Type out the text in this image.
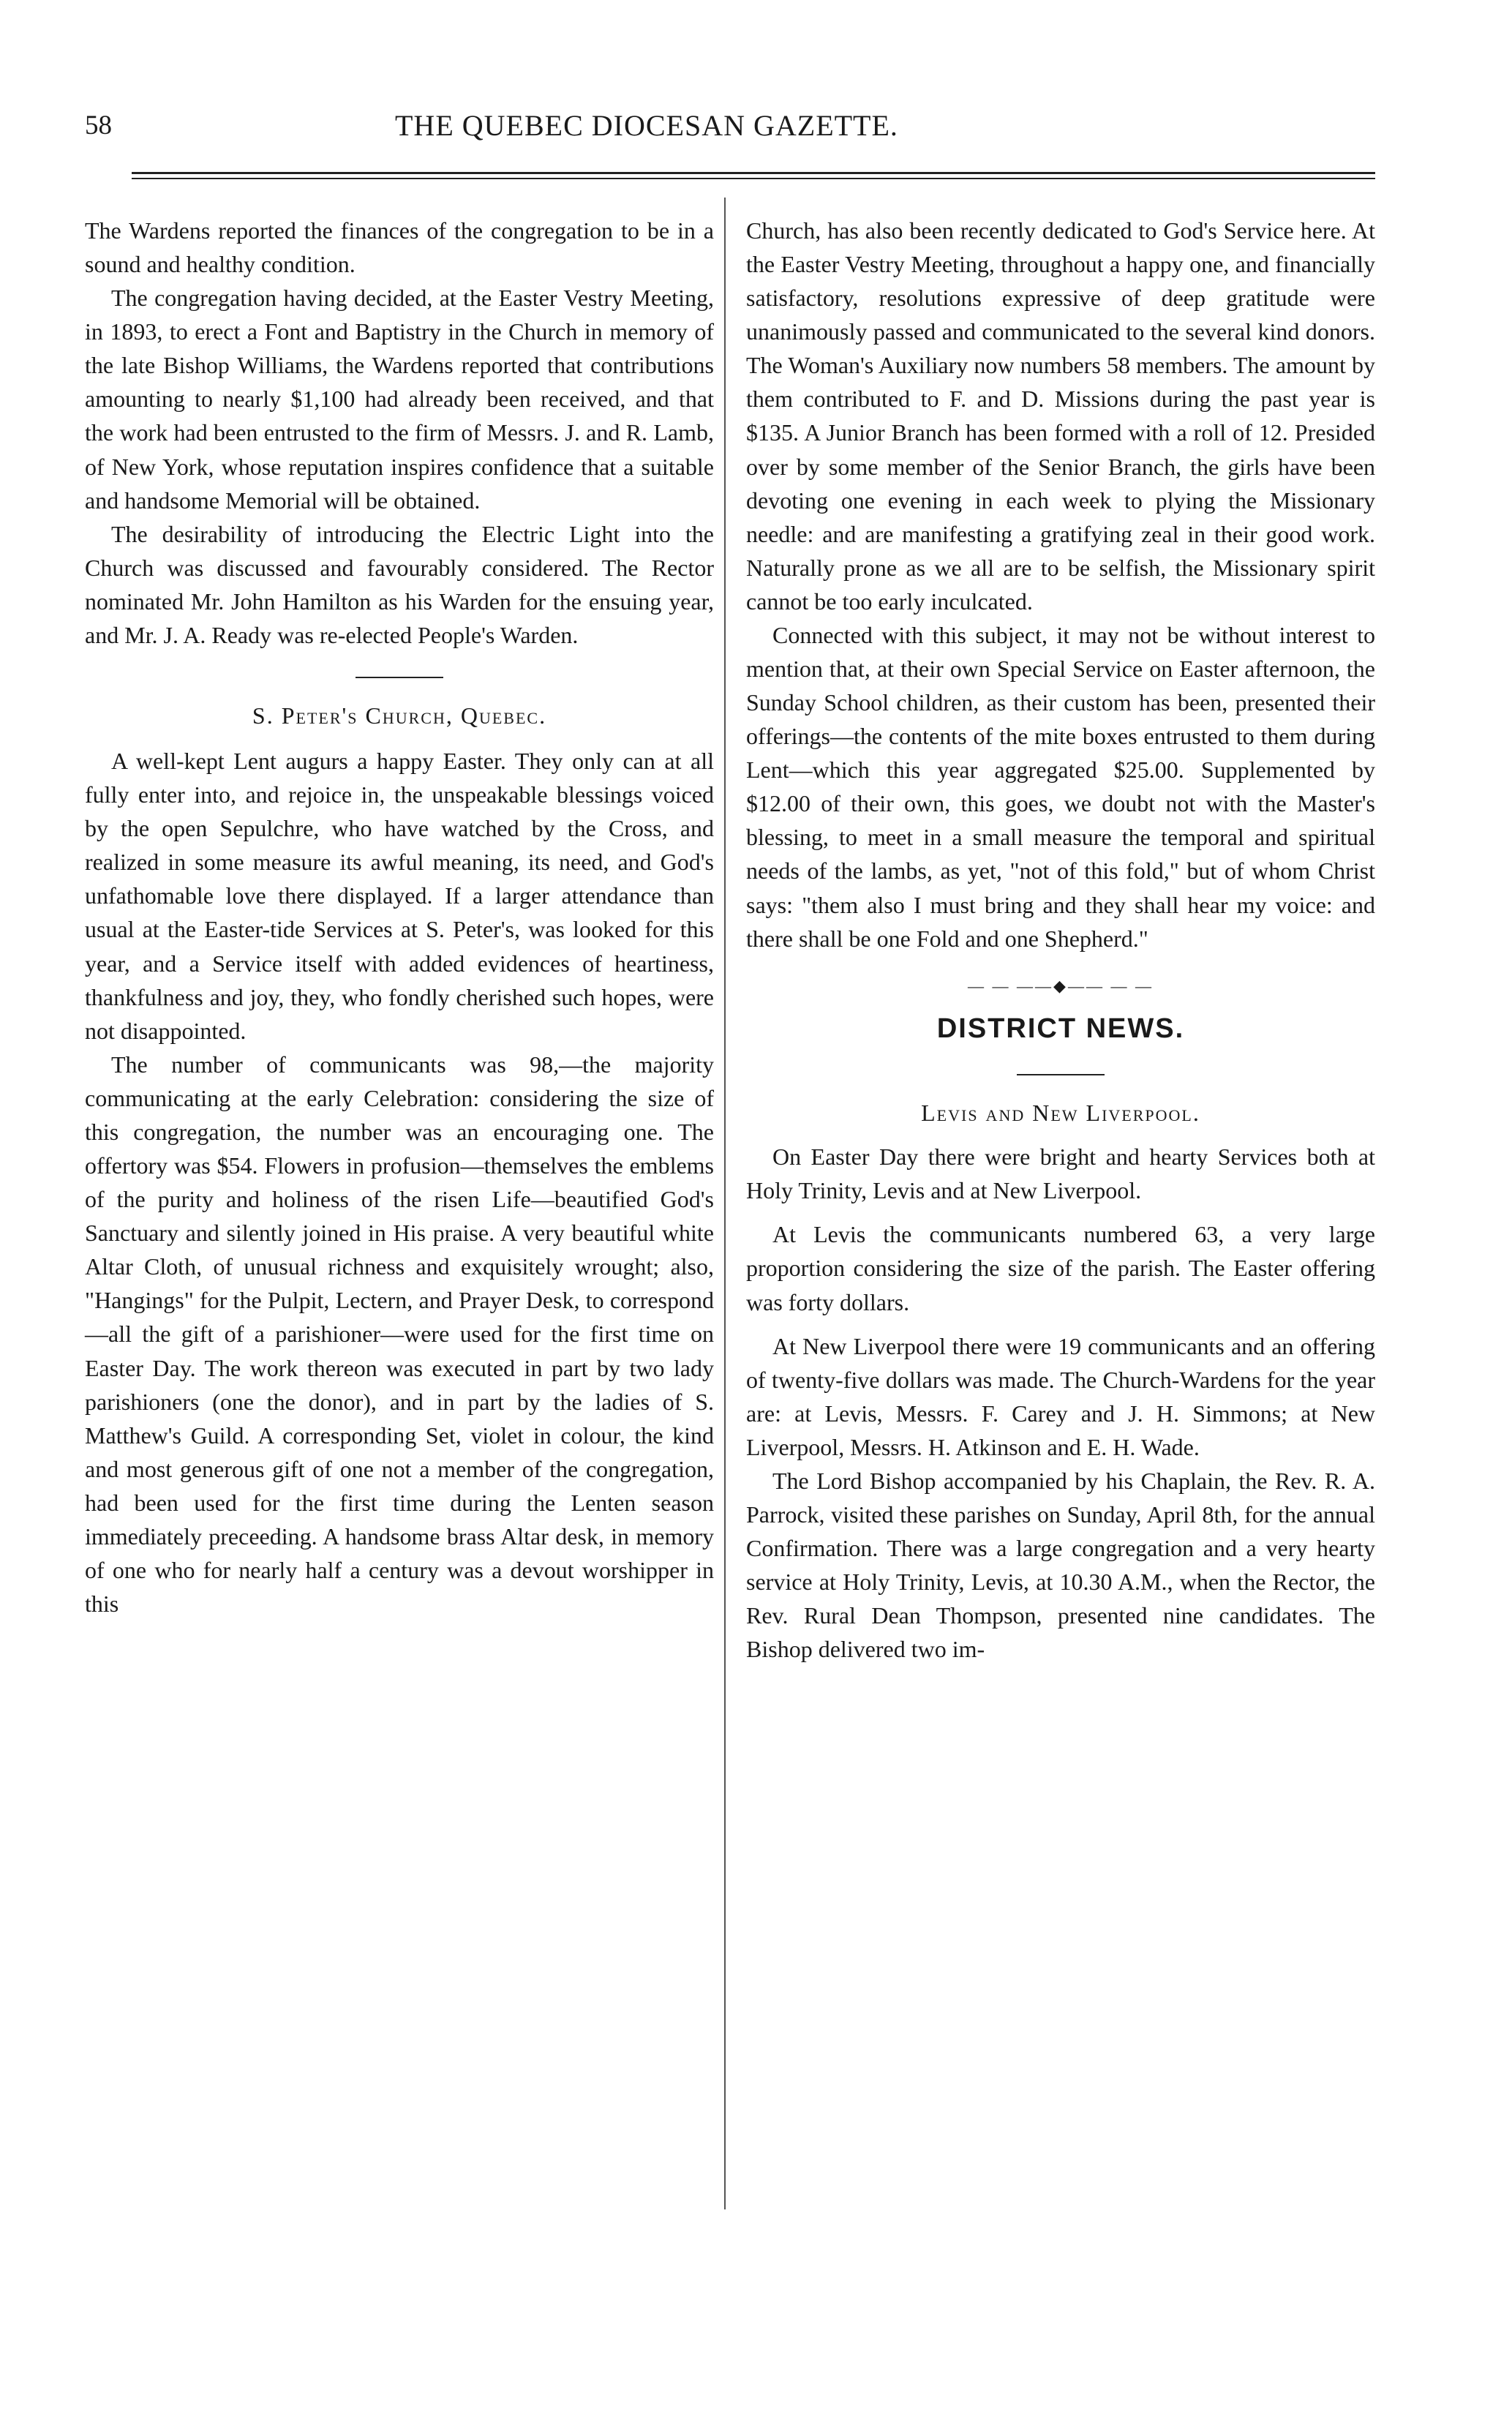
58	THE QUEBEC DIOCESAN GAZETTE.

The Wardens reported the finances of the congregation to be in a sound and healthy condition.

The congregation having decided, at the Easter Vestry Meeting, in 1893, to erect a Font and Baptistry in the Church in memory of the late Bishop Williams, the Wardens reported that contributions amounting to nearly $1,100 had already been received, and that the work had been entrusted to the firm of Messrs. J. and R. Lamb, of New York, whose reputation inspires confidence that a suitable and handsome Memorial will be obtained.

The desirability of introducing the Electric Light into the Church was discussed and favourably considered. The Rector nominated Mr. John Hamilton as his Warden for the ensuing year, and Mr. J. A. Ready was re-elected People's Warden.

S. Peter's Church, Quebec.

A well-kept Lent augurs a happy Easter. They only can at all fully enter into, and rejoice in, the unspeakable blessings voiced by the open Sepulchre, who have watched by the Cross, and realized in some measure its awful meaning, its need, and God's unfathomable love there displayed. If a larger attendance than usual at the Easter-tide Services at S. Peter's, was looked for this year, and a Service itself with added evidences of heartiness, thankfulness and joy, they, who fondly cherished such hopes, were not disappointed.

The number of communicants was 98,—the majority communicating at the early Celebration: considering the size of this congregation, the number was an encouraging one. The offertory was $54. Flowers in profusion—themselves the emblems of the purity and holiness of the risen Life—beautified God's Sanctuary and silently joined in His praise. A very beautiful white Altar Cloth, of unusual richness and exquisitely wrought; also, "Hangings" for the Pulpit, Lectern, and Prayer Desk, to correspond—all the gift of a parishioner—were used for the first time on Easter Day. The work thereon was executed in part by two lady parishioners (one the donor), and in part by the ladies of S. Matthew's Guild. A corresponding Set, violet in colour, the kind and most generous gift of one not a member of the congregation, had been used for the first time during the Lenten season immediately preceeding. A handsome brass Altar desk, in memory of one who for nearly half a century was a devout worshipper in this

Church, has also been recently dedicated to God's Service here. At the Easter Vestry Meeting, throughout a happy one, and financially satisfactory, resolutions expressive of deep gratitude were unanimously passed and communicated to the several kind donors. The Woman's Auxiliary now numbers 58 members. The amount by them contributed to F. and D. Missions during the past year is $135. A Junior Branch has been formed with a roll of 12. Presided over by some member of the Senior Branch, the girls have been devoting one evening in each week to plying the Missionary needle: and are manifesting a gratifying zeal in their good work. Naturally prone as we all are to be selfish, the Missionary spirit cannot be too early inculcated.

Connected with this subject, it may not be without interest to mention that, at their own Special Service on Easter afternoon, the Sunday School children, as their custom has been, presented their offerings—the contents of the mite boxes entrusted to them during Lent—which this year aggregated $25.00. Supplemented by $12.00 of their own, this goes, we doubt not with the Master's blessing, to meet in a small measure the temporal and spiritual needs of the lambs, as yet, "not of this fold," but of whom Christ says: "them also I must bring and they shall hear my voice: and there shall be one Fold and one Shepherd."

— — ——◆—— — —
DISTRICT NEWS.
Levis and New Liverpool.

On Easter Day there were bright and hearty Services both at Holy Trinity, Levis and at New Liverpool.

At Levis the communicants numbered 63, a very large proportion considering the size of the parish. The Easter offering was forty dollars.

At New Liverpool there were 19 communicants and an offering of twenty-five dollars was made. The Church-Wardens for the year are: at Levis, Messrs. F. Carey and J. H. Simmons; at New Liverpool, Messrs. H. Atkinson and E. H. Wade.

The Lord Bishop accompanied by his Chaplain, the Rev. R. A. Parrock, visited these parishes on Sunday, April 8th, for the annual Confirmation. There was a large congregation and a very hearty service at Holy Trinity, Levis, at 10.30 A.M., when the Rector, the Rev. Rural Dean Thompson, presented nine candidates. The Bishop delivered two im-
